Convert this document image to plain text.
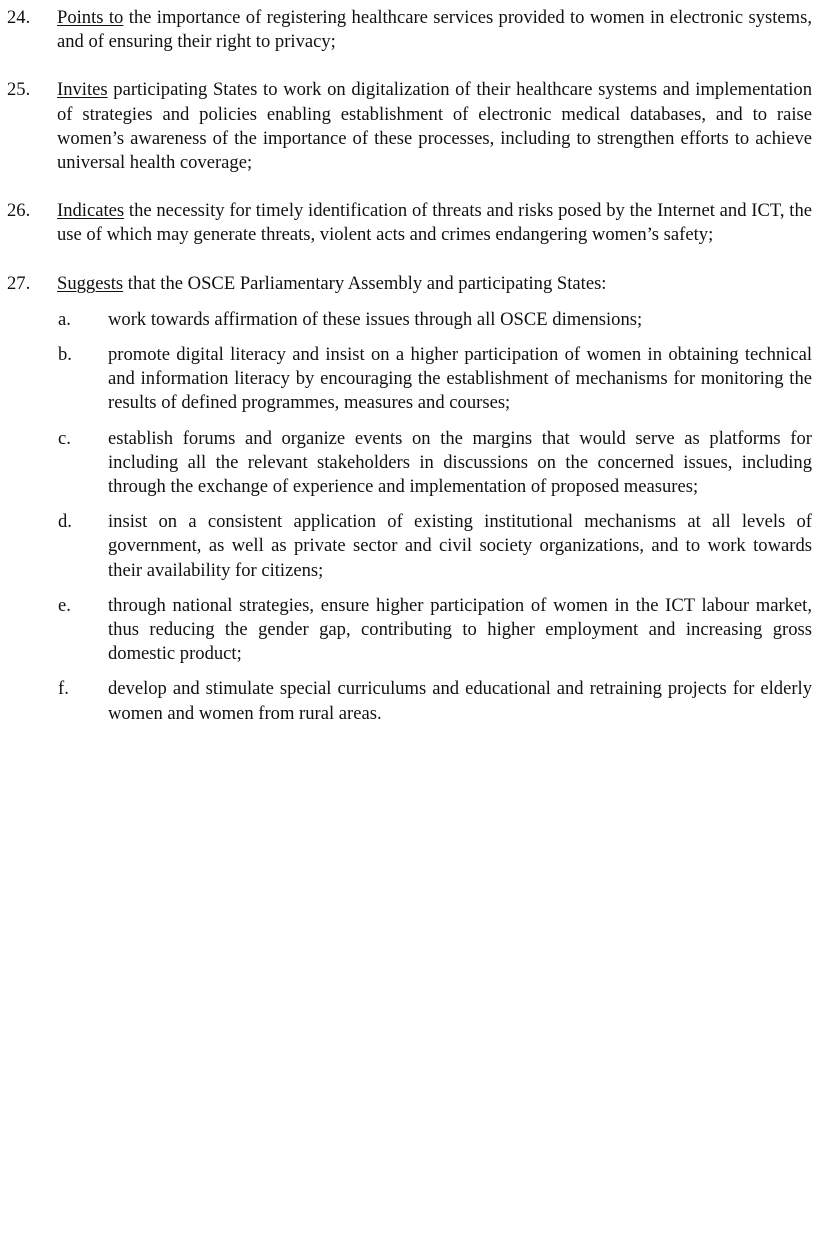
24. Points to the importance of registering healthcare services provided to women in electronic systems, and of ensuring their right to privacy;

25. Invites participating States to work on digitalization of their healthcare systems and implementation of strategies and policies enabling establishment of electronic medical databases, and to raise women’s awareness of the importance of these processes, including to strengthen efforts to achieve universal health coverage;

26. Indicates the necessity for timely identification of threats and risks posed by the Internet and ICT, the use of which may generate threats, violent acts and crimes endangering women’s safety;

27. Suggests that the OSCE Parliamentary Assembly and participating States:

a. work towards affirmation of these issues through all OSCE dimensions;

b. promote digital literacy and insist on a higher participation of women in obtaining technical and information literacy by encouraging the establishment of mechanisms for monitoring the results of defined programmes, measures and courses;

c. establish forums and organize events on the margins that would serve as platforms for including all the relevant stakeholders in discussions on the concerned issues, including through the exchange of experience and implementation of proposed measures;

d. insist on a consistent application of existing institutional mechanisms at all levels of government, as well as private sector and civil society organizations, and to work towards their availability for citizens;

e. through national strategies, ensure higher participation of women in the ICT labour market, thus reducing the gender gap, contributing to higher employment and increasing gross domestic product;

f. develop and stimulate special curriculums and educational and retraining projects for elderly women and women from rural areas.
